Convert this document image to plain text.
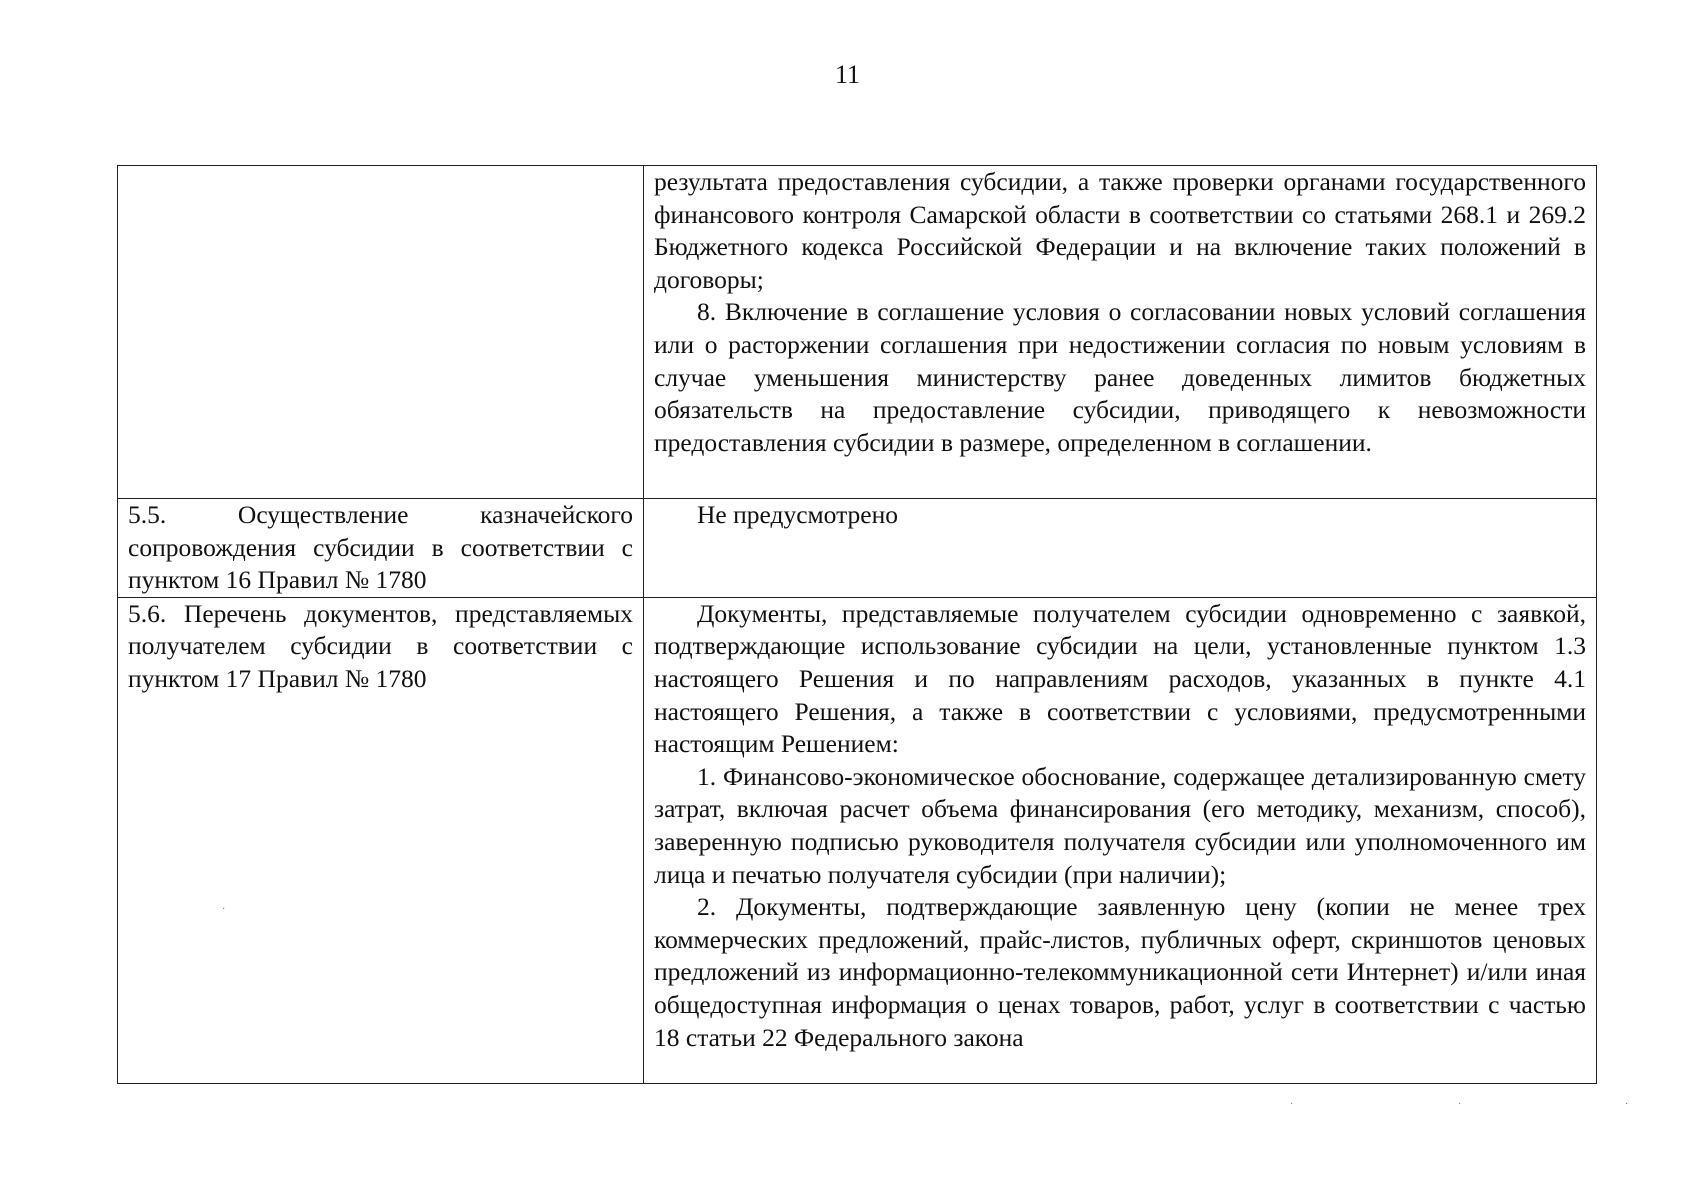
11

	результата предоставления субсидии, а также проверки органами государственного финансового контроля Самарской области в соответствии со статьями 268.1 и 269.2 Бюджетного кодекса Российской Федерации и на включение таких положений в договоры;

8. Включение в соглашение условия о согласовании новых условий соглашения или о расторжении соглашения при недостижении согласия по новым условиям в случае уменьшения министерству ранее доведенных лимитов бюджетных обязательств на предоставление субсидии, приводящего к невозможности предоставления субсидии в размере, определенном в соглашении.

5.5. Осуществление казначейского сопровождения субсидии в соответствии с пунктом 16 Правил № 1780	Не предусмотрено

5.6. Перечень документов, представляемых получателем субсидии в соответствии с пунктом 17 Правил № 1780	Документы, представляемые получателем субсидии одновременно с заявкой, подтверждающие использование субсидии на цели, установленные пунктом 1.3 настоящего Решения и по направлениям расходов, указанных в пункте 4.1 настоящего Решения, а также в соответствии с условиями, предусмотренными настоящим Решением:

1. Финансово-экономическое обоснование, содержащее детализированную смету затрат, включая расчет объема финансирования (его методику, механизм, способ), заверенную подписью руководителя получателя субсидии или уполномоченного им лица и печатью получателя субсидии (при наличии);

2. Документы, подтверждающие заявленную цену (копии не менее трех коммерческих предложений, прайс-листов, публичных оферт, скриншотов ценовых предложений из информационно-телекоммуникационной сети Интернет) и/или иная общедоступная информация о ценах товаров, работ, услуг в соответствии с частью 18 статьи 22 Федерального закона

·
·	·	·
